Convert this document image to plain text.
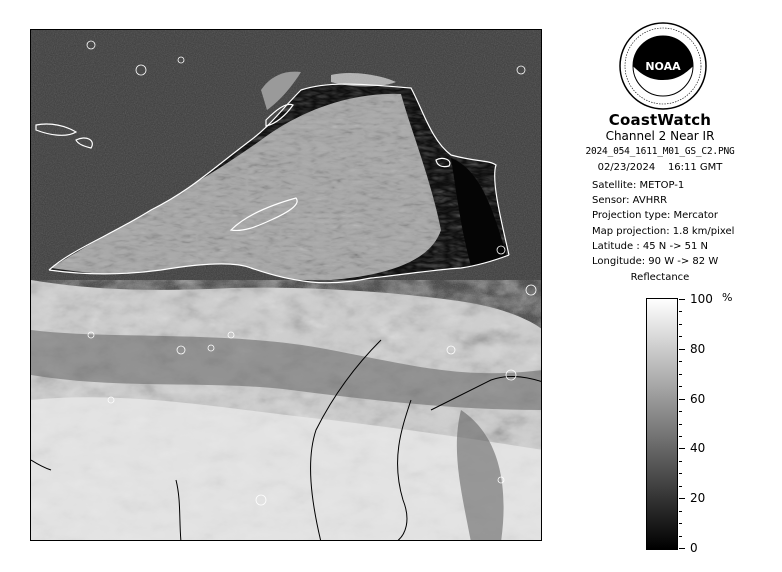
NOAA
CoastWatch
Channel 2 Near IR
2024_054_1611_M01_GS_C2.PNG
02/23/2024 16:11 GMT
Satellite: METOP-1
Sensor: AVHRR
Projection type: Mercator
Map projection: 1.8 km/pixel
Latitude : 45 N -> 51 N
Longitude: 90 W -> 82 W
Reflectance
%
100
80
60
40
20
0
